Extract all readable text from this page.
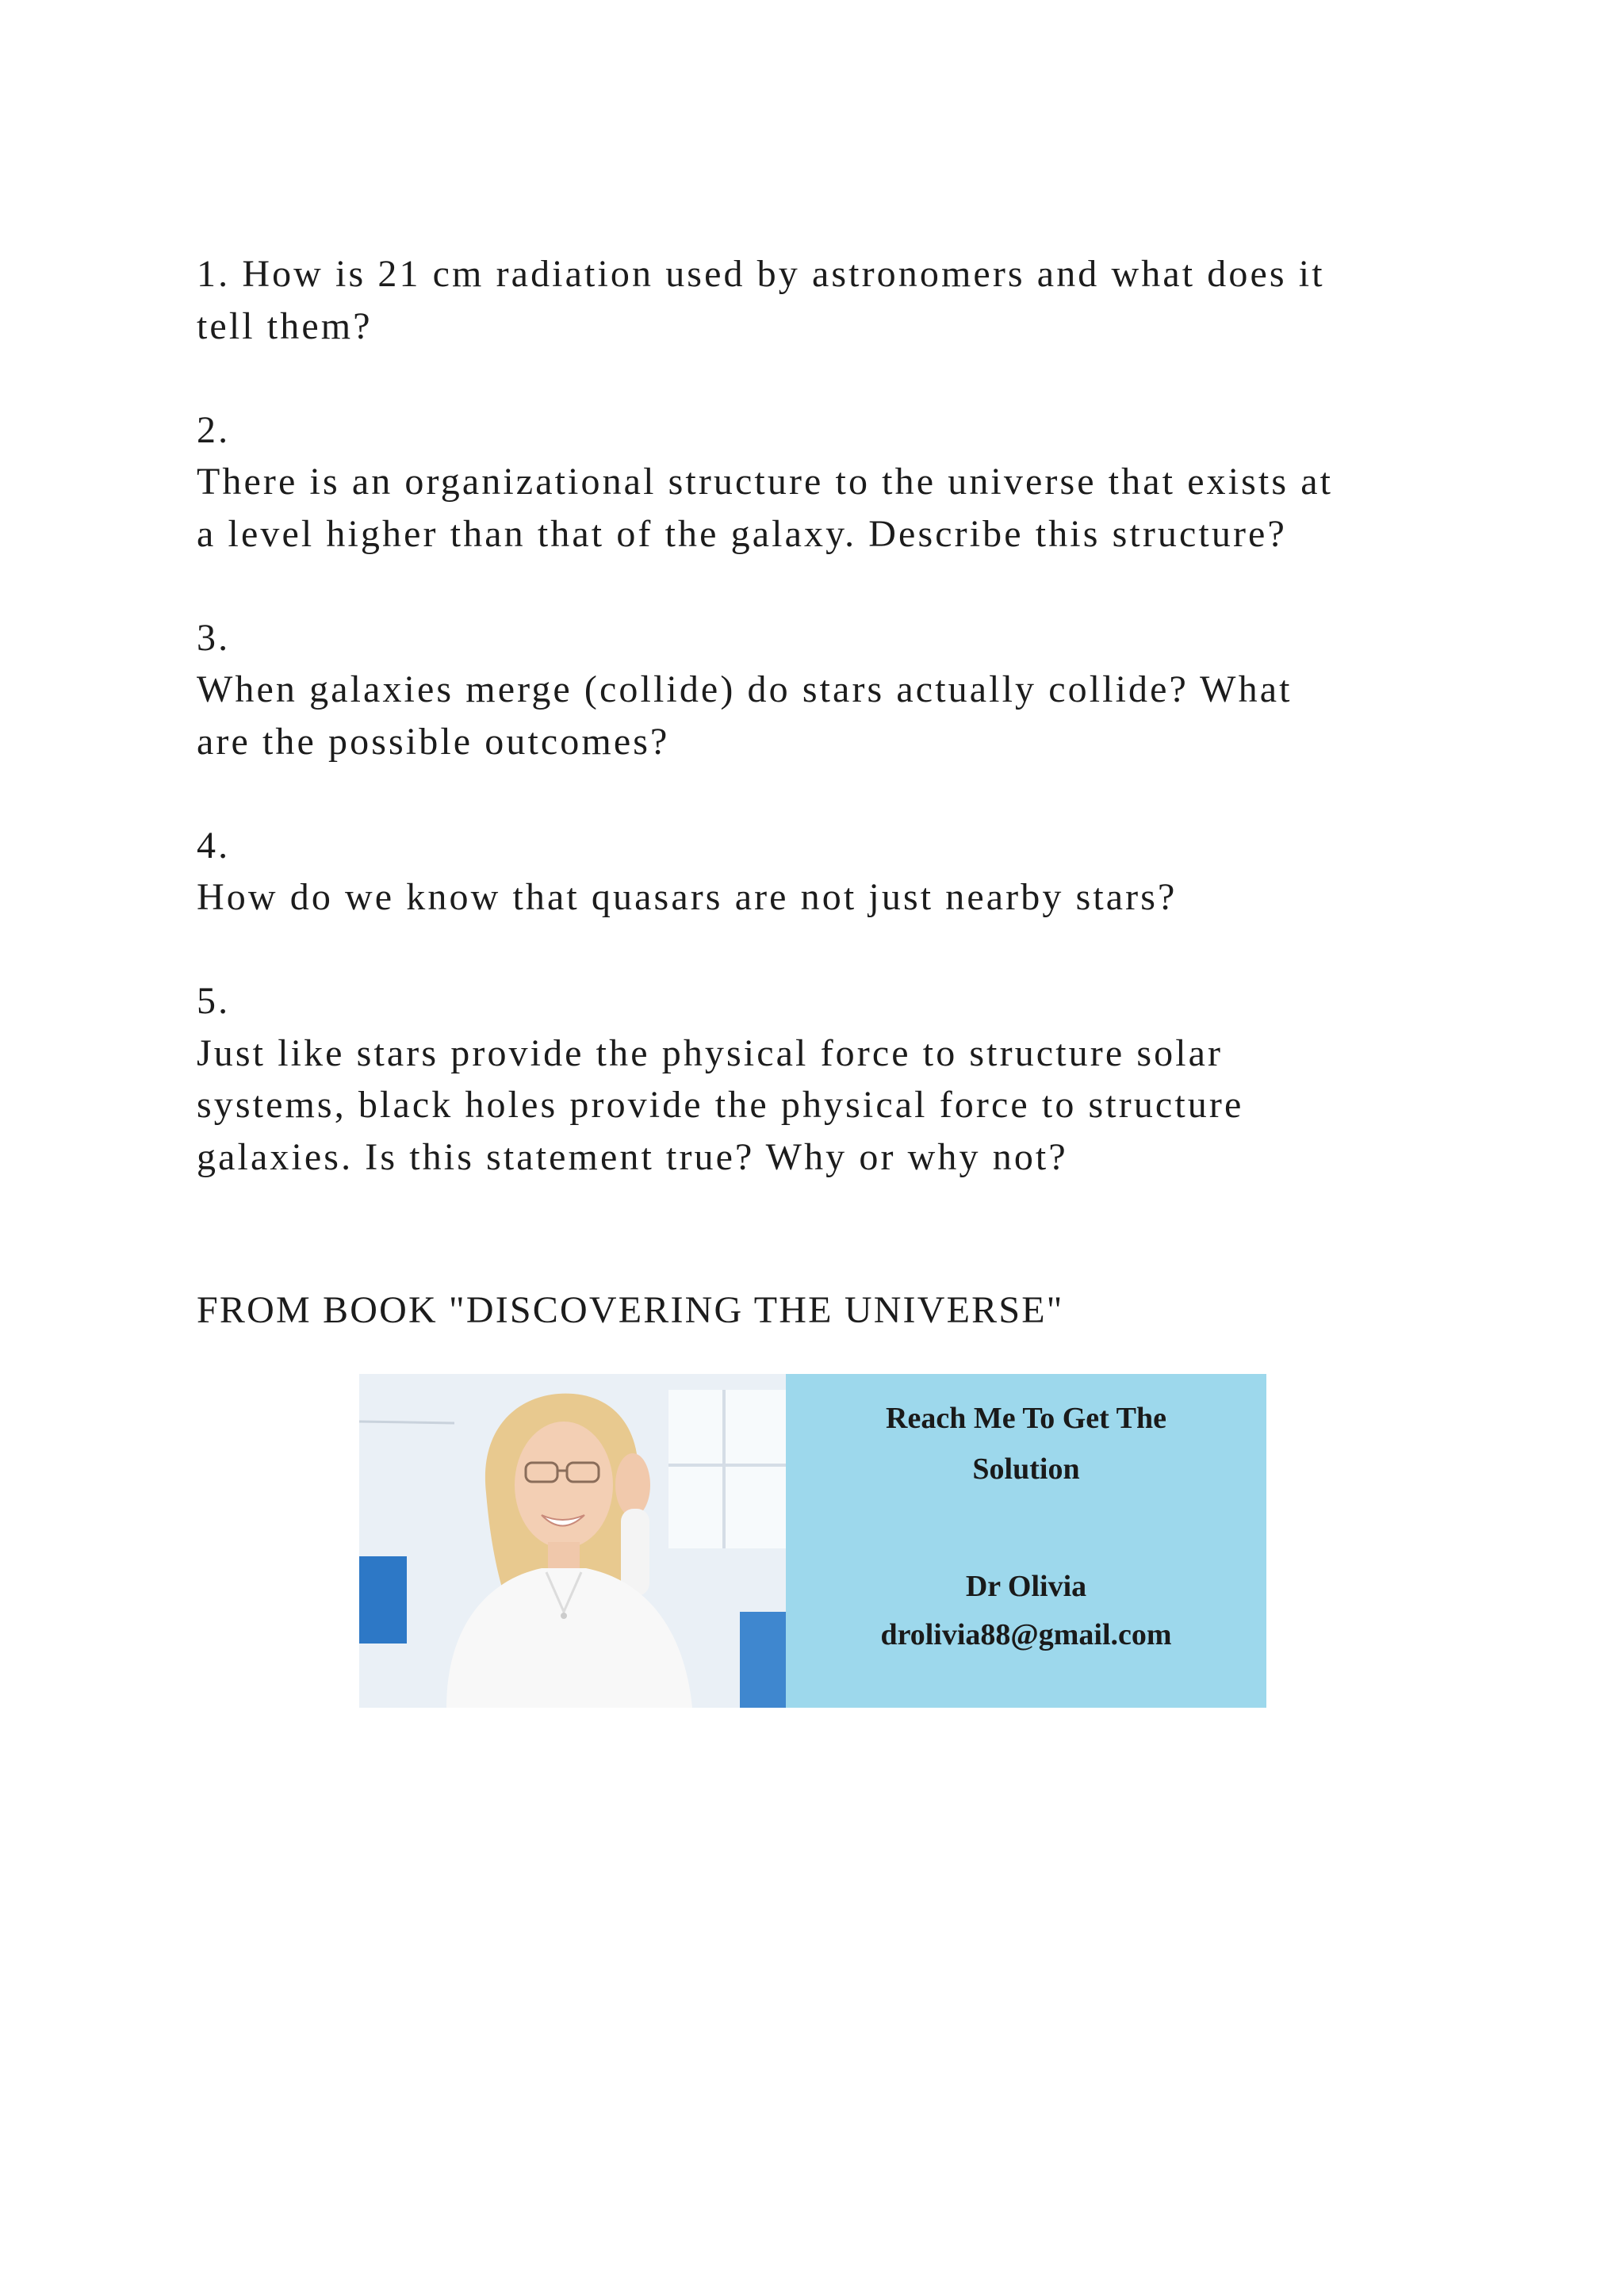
1. How is 21 cm radiation used by astronomers and what does it
tell them?
2.
There is an organizational structure to the universe that exists at
a level higher than that of the galaxy. Describe this structure?
3.
When galaxies merge (collide) do stars actually collide? What
are the possible outcomes?
4.
How do we know that quasars are not just nearby stars?
5.
Just like stars provide the physical force to structure solar
systems, black holes provide the physical force to structure
galaxies. Is this statement true? Why or why not?
FROM BOOK "DISCOVERING THE UNIVERSE"
Reach Me To Get The
Solution
Dr Olivia
drolivia88@gmail.com
